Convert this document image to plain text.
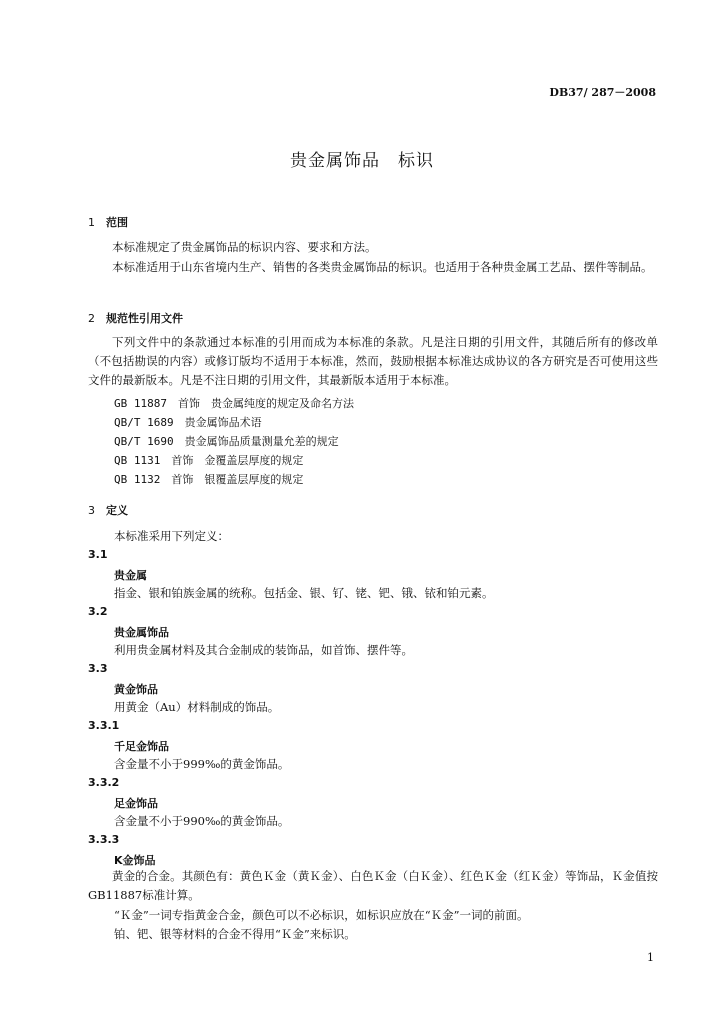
DB37/ 287－2008
贵金属饰品　标识
1 范围
本标准规定了贵金属饰品的标识内容、要求和方法。
本标准适用于山东省境内生产、销售的各类贵金属饰品的标识。也适用于各种贵金属工艺品、摆件等制品。
2 规范性引用文件
下列文件中的条款通过本标准的引用而成为本标准的条款。凡是注日期的引用文件，其随后所有的修改单（不包括勘误的内容）或修订版均不适用于本标准，然而，鼓励根据本标准达成协议的各方研究是否可使用这些文件的最新版本。凡是不注日期的引用文件，其最新版本适用于本标准。
GB 11887　 首饰　贵金属纯度的规定及命名方法
QB/T 1689　 贵金属饰品术语
QB/T 1690　 贵金属饰品质量测量允差的规定
QB 1131　 首饰　金覆盖层厚度的规定
QB 1132　 首饰　银覆盖层厚度的规定
3 定义
本标准采用下列定义：
3.1
贵金属
指金、银和铂族金属的统称。包括金、银、钌、铑、钯、锇、铱和铂元素。
3.2
贵金属饰品
利用贵金属材料及其合金制成的装饰品，如首饰、摆件等。
3.3
黄金饰品
用黄金（Au）材料制成的饰品。
3.3.1
千足金饰品
含金量不小于999‰的黄金饰品。
3.3.2
足金饰品
含金量不小于990‰的黄金饰品。
3.3.3
K金饰品
黄金的合金。其颜色有：黄色Ｋ金（黄Ｋ金）、白色Ｋ金（白Ｋ金）、红色Ｋ金（红Ｋ金）等饰品，Ｋ金值按GB11887标准计算。
“Ｋ金”一词专指黄金合金，颜色可以不必标识，如标识应放在“Ｋ金”一词的前面。
铂、钯、银等材料的合金不得用“Ｋ金”来标识。
1
